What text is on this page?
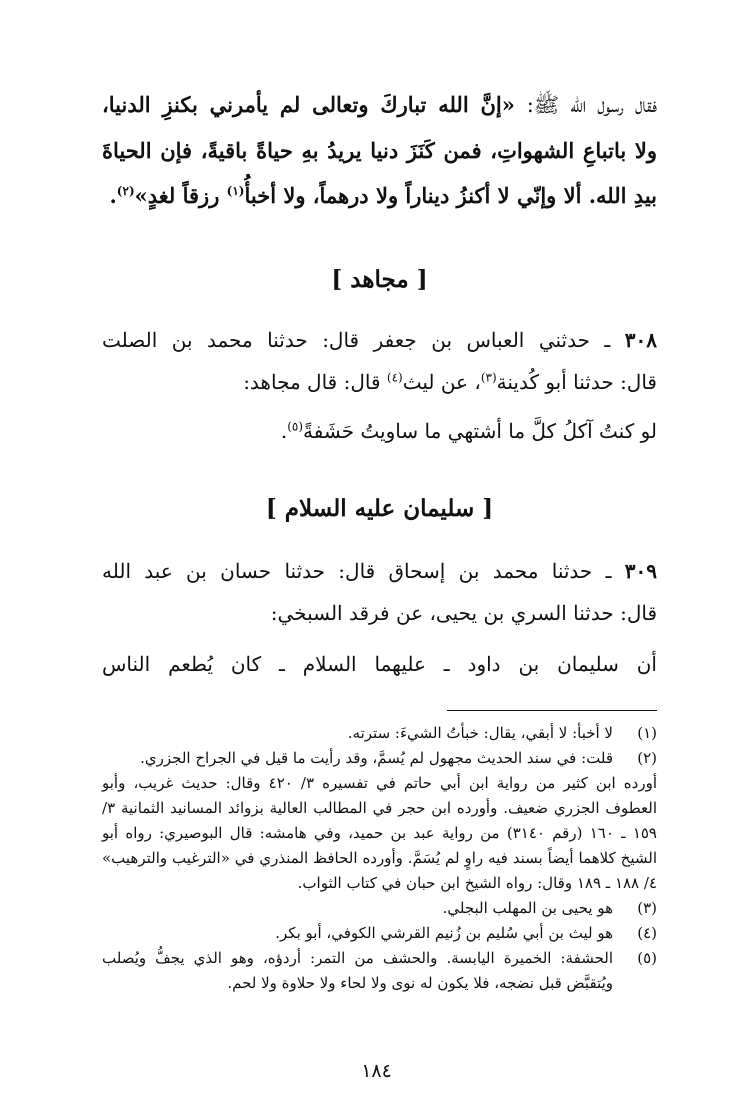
فقال رسول الله ﷺ: «إنَّ الله تباركَ وتعالى لم يأمرني بكنزِ الدنيا،

ولا باتباعِ الشهواتِ، فمن كَنَزَ دنيا يريدُ بهِ حياةً باقيةً، فإن الحياةَ

بيدِ الله. ألا وإنّي لا أكنزُ ديناراً ولا درهماً، ولا أخبأُ$^{(١)}$ رزقاً لغدٍ»$^{(٢)}$.

[ مجاهد ]

٣٠٨ ـ حدثني العباس بن جعفر قال: حدثنا محمد بن الصلت

قال: حدثنا أبو كُدينة$^{(٣)}$، عن ليث$^{(٤)}$ قال: قال مجاهد:

لو كنتُ آكلُ كلَّ ما أشتهي ما ساويتُ حَشَفةً$^{(٥)}$.

[ سليمان عليه السلام ]

٣٠٩ ـ حدثنا محمد بن إسحاق قال: حدثنا حسان بن عبد الله

قال: حدثنا السري بن يحيى، عن فرقد السبخي:

أن سليمان بن داود ـ عليهما السلام ـ كان يُطعم الناس

(١)

لا أخبأ: لا أبقي، يقال: خبأتُ الشيءَ: سترته.

(٢)

قلت: في سند الحديث مجهول لم يُسمَّ، وقد رأيت ما قيل في الجراح الجزري.

أورده ابن كثير من رواية ابن أبي حاتم في تفسيره ٣/ ٤٢٠ وقال: حديث غريب، وأبو العطوف الجزري ضعيف. وأورده ابن حجر في المطالب العالية بزوائد المسانيد الثمانية ٣/ ١٥٩ ـ ١٦٠ (رقم ٣١٤٠) من رواية عبد بن حميد، وفي هامشه: قال البوصيري: رواه أبو الشيخ كلاهما أيضاً بسند فيه راوٍ لم يُسَمَّ. وأورده الحافظ المنذري في «الترغيب والترهيب» ٤/ ١٨٨ ـ ١٨٩ وقال: رواه الشيخ ابن حبان في كتاب الثواب.

(٣)

هو يحيى بن المهلب البجلي.

(٤)

هو ليث بن أبي سُليم بن زُنيم القرشي الكوفي، أبو بكر.

(٥)

الحشفة: الخميرة اليابسة. والحشف من التمر: أردؤه، وهو الذي يجفُّ ويُصلب ويُتقبَّض قبل نضجه، فلا يكون له نوى ولا لحاء ولا حلاوة ولا لحم.

١٨٤
